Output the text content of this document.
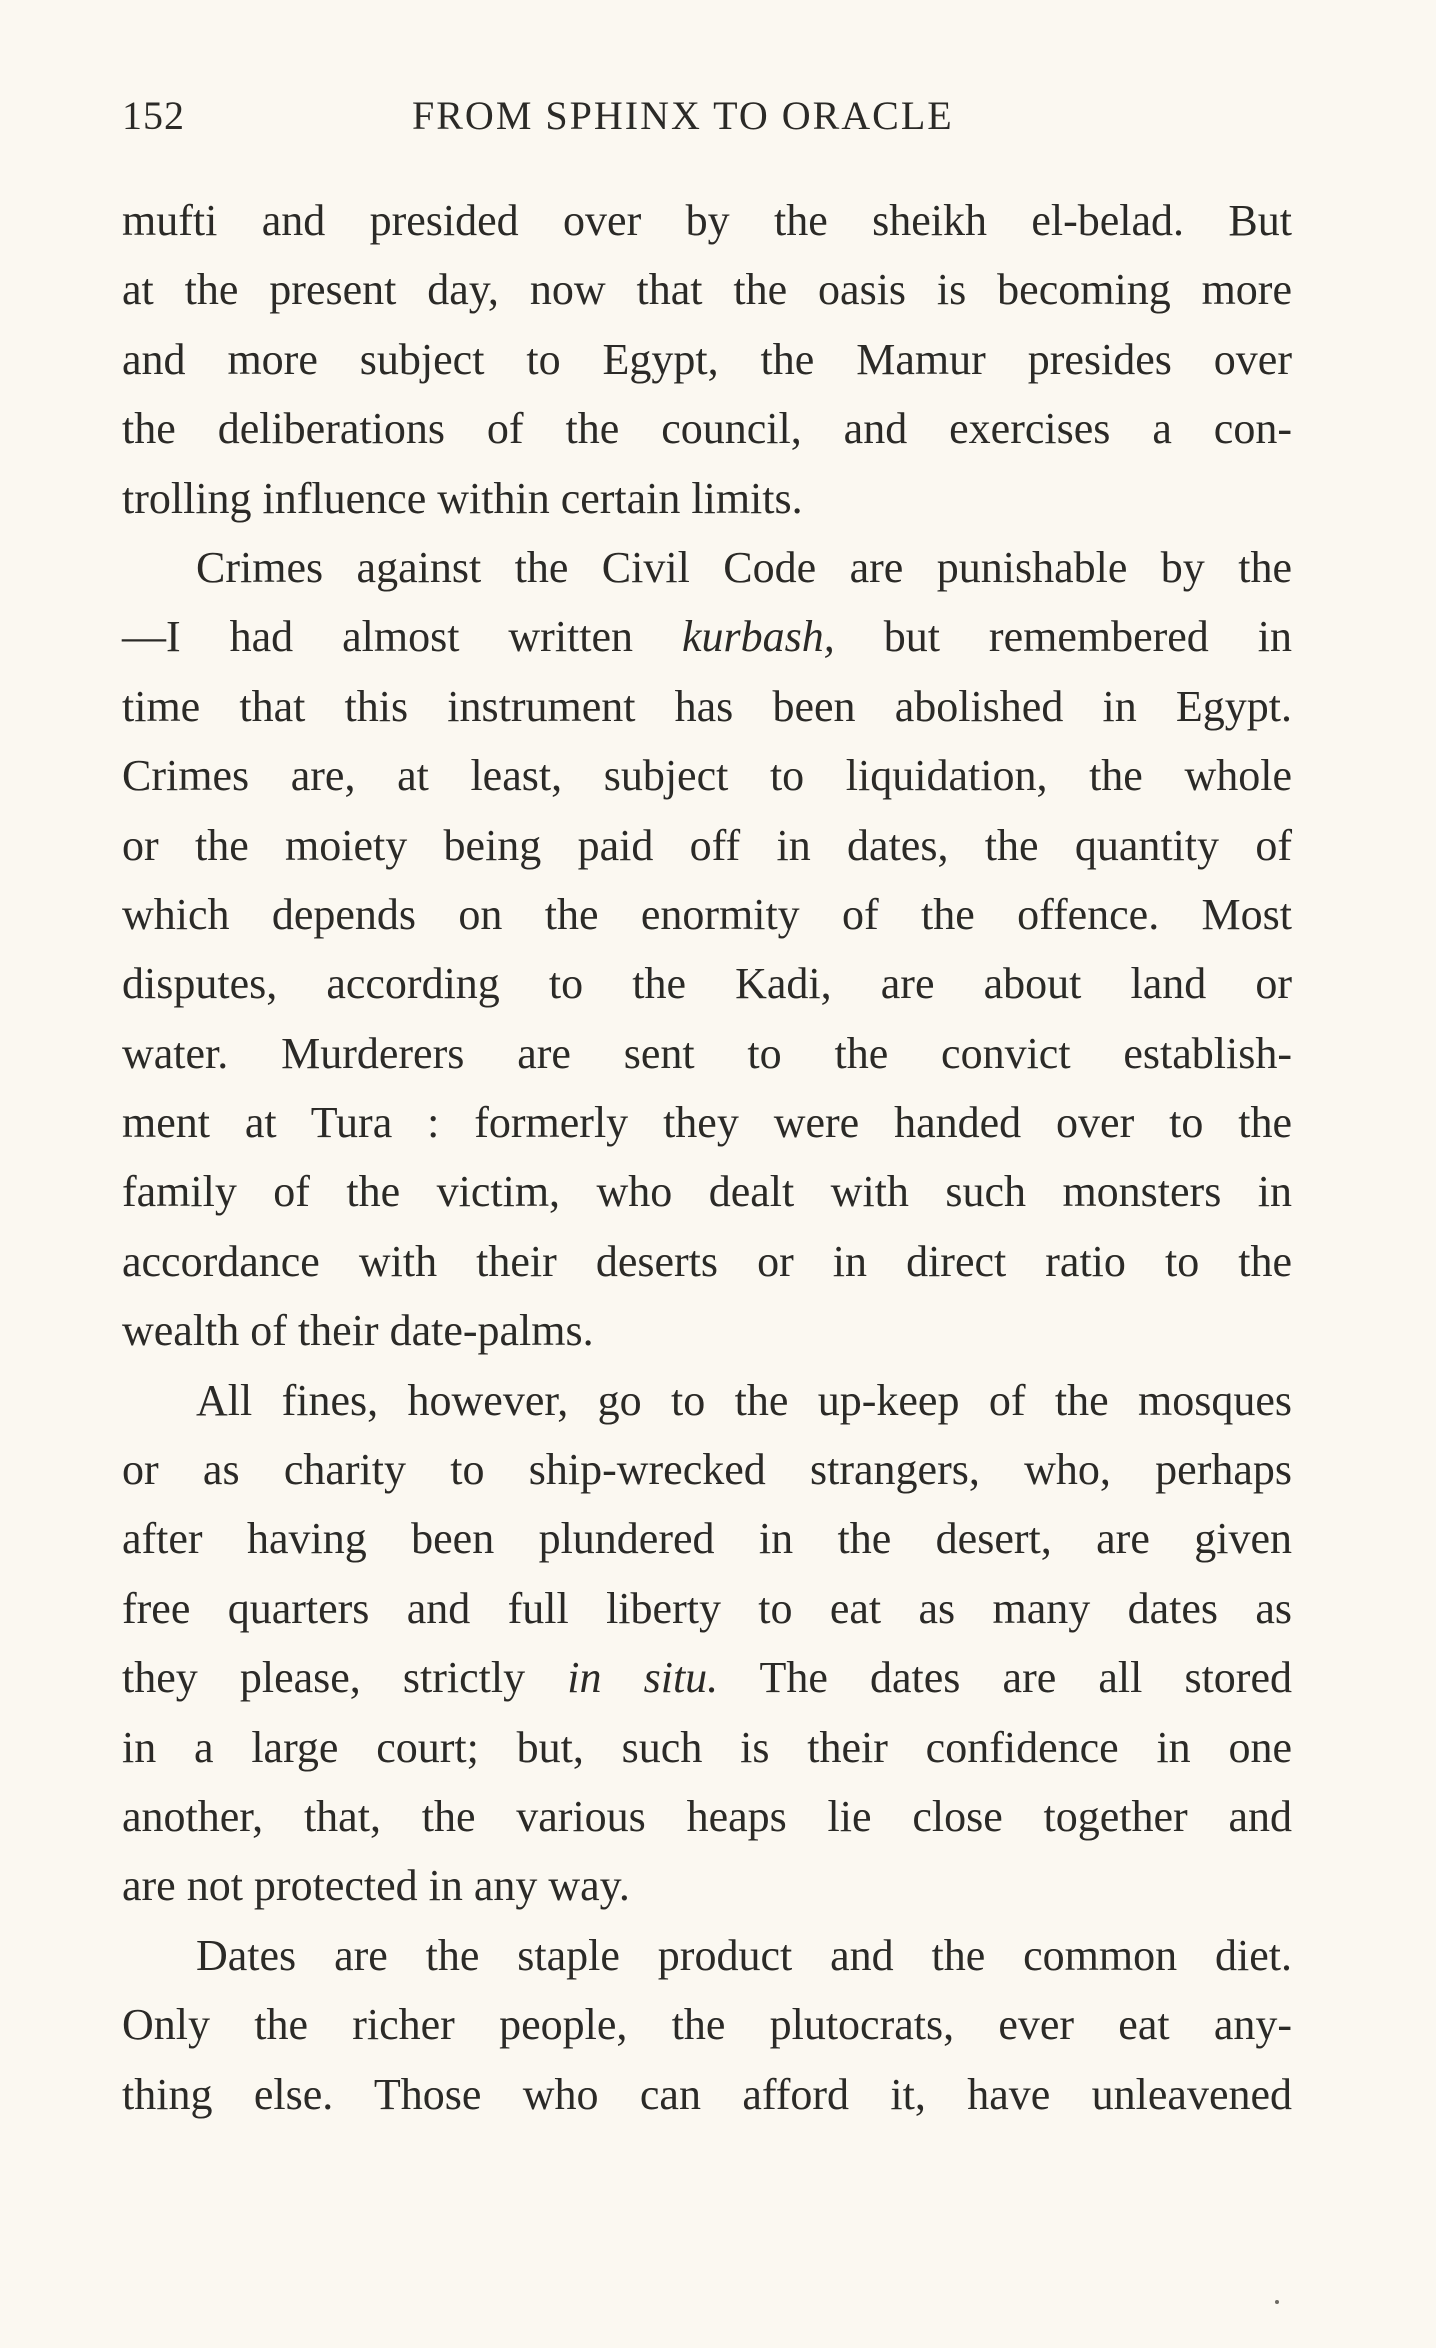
152	FROM SPHINX TO ORACLE
mufti and presided over by the sheikh el-belad. But
at the present day, now that the oasis is becoming more
and more subject to Egypt, the Mamur presides over
the deliberations of the council, and exercises a con-
trolling influence within certain limits.
Crimes against the Civil Code are punishable by the
—I had almost written kurbash, but remembered in
time that this instrument has been abolished in Egypt.
Crimes are, at least, subject to liquidation, the whole
or the moiety being paid off in dates, the quantity of
which depends on the enormity of the offence. Most
disputes, according to the Kadi, are about land or
water. Murderers are sent to the convict establish-
ment at Tura : formerly they were handed over to the
family of the victim, who dealt with such monsters in
accordance with their deserts or in direct ratio to the
wealth of their date-palms.
All fines, however, go to the up-keep of the mosques
or as charity to ship-wrecked strangers, who, perhaps
after having been plundered in the desert, are given
free quarters and full liberty to eat as many dates as
they please, strictly in situ. The dates are all stored
in a large court; but, such is their confidence in one
another, that, the various heaps lie close together and
are not protected in any way.
Dates are the staple product and the common diet.
Only the richer people, the plutocrats, ever eat any-
thing else. Those who can afford it, have unleavened
